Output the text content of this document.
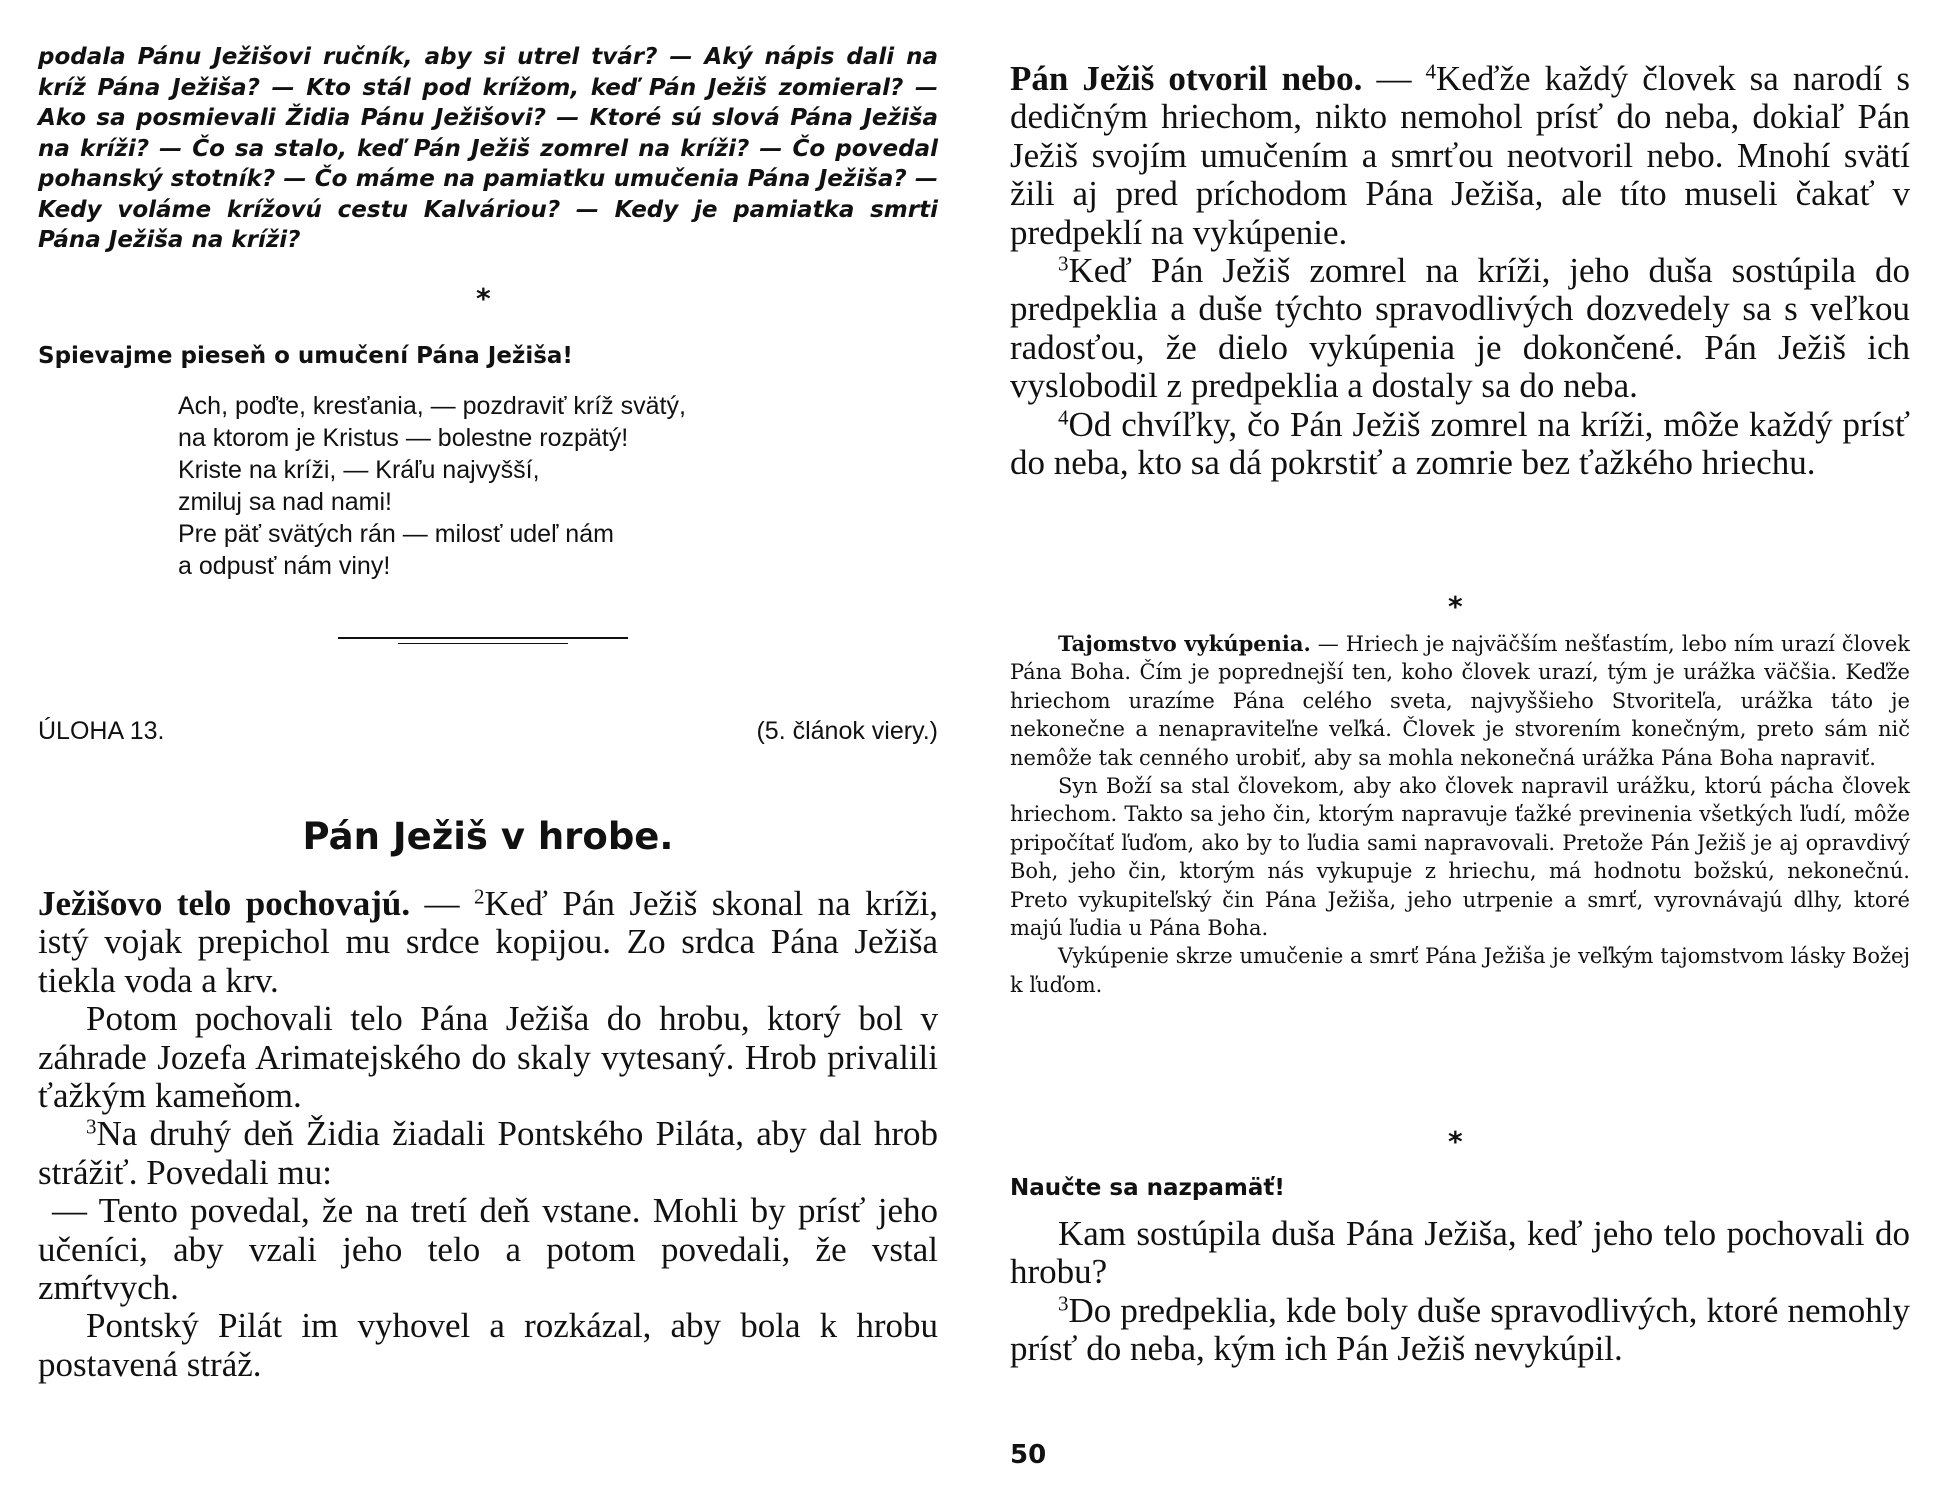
podala Pánu Ježišovi ručník, aby si utrel tvár? — Aký nápis dali na kríž Pána Ježiša? — Kto stál pod krížom, keď Pán Ježiš zomieral? — Ako sa posmievali Židia Pánu Ježišovi? — Ktoré sú slová Pána Ježiša na kríži? — Čo sa stalo, keď Pán Ježiš zomrel na kríži? — Čo povedal pohanský stotník? — Čo máme na pamiatku umučenia Pána Ježiša? — Kedy voláme krížovú cestu Kalváriou? — Kedy je pamiatka smrti Pána Ježiša na kríži?

*

Spievajme pieseň o umučení Pána Ježiša!

Ach, poďte, kresťania, — pozdraviť kríž svätý,
na ktorom je Kristus — bolestne rozpätý!
Kriste na kríži, — Kráľu najvyšší,
zmiluj sa nad nami!
Pre päť svätých rán — milosť udeľ nám
a odpusť nám viny!
ÚLOHA 13.	(5. článok viery.)
Pán Ježiš v hrobe.

Ježišovo telo pochovajú. — $^2$Keď Pán Ježiš skonal na kríži, istý vojak prepichol mu srdce kopijou. Zo srdca Pána Ježiša tiekla voda a krv.

Potom pochovali telo Pána Ježiša do hrobu, ktorý bol v záhrade Jozefa Arimatejského do skaly vytesaný. Hrob privalili ťažkým kameňom.

$^3$Na druhý deň Židia žiadali Pontského Piláta, aby dal hrob strážiť. Povedali mu:

— Tento povedal, že na tretí deň vstane. Mohli by prísť jeho učeníci, aby vzali jeho telo a potom povedali, že vstal zmŕtvych.

Pontský Pilát im vyhovel a rozkázal, aby bola k hrobu postavená stráž.

Pán Ježiš otvoril nebo. — $^4$Keďže každý človek sa narodí s dedičným hriechom, nikto nemohol prísť do neba, dokiaľ Pán Ježiš svojím umučením a smrťou neotvoril nebo. Mnohí svätí žili aj pred príchodom Pána Ježiša, ale títo museli čakať v predpeklí na vykúpenie.

$^3$Keď Pán Ježiš zomrel na kríži, jeho duša sostúpila do predpeklia a duše týchto spravodlivých dozvedely sa s veľkou radosťou, že dielo vykúpenia je dokončené. Pán Ježiš ich vyslobodil z predpeklia a dostaly sa do neba.

$^4$Od chvíľky, čo Pán Ježiš zomrel na kríži, môže každý prísť do neba, kto sa dá pokrstiť a zomrie bez ťažkého hriechu.

*

Tajomstvo vykúpenia. — Hriech je najväčším nešťastím, lebo ním urazí človek Pána Boha. Čím je poprednejší ten, koho človek urazí, tým je urážka väčšia. Keďže hriechom urazíme Pána celého sveta, najvyššieho Stvoriteľa, urážka táto je nekonečne a nenapraviteľne veľká. Človek je stvorením konečným, preto sám nič nemôže tak cenného urobiť, aby sa mohla nekonečná urážka Pána Boha napraviť.

Syn Boží sa stal človekom, aby ako človek napravil urážku, ktorú pácha človek hriechom. Takto sa jeho čin, ktorým napravuje ťažké previnenia všetkých ľudí, môže pripočítať ľuďom, ako by to ľudia sami napravovali. Pretože Pán Ježiš je aj opravdivý Boh, jeho čin, ktorým nás vykupuje z hriechu, má hodnotu božskú, nekonečnú. Preto vykupiteľský čin Pána Ježiša, jeho utrpenie a smrť, vyrovnávajú dlhy, ktoré majú ľudia u Pána Boha.

Vykúpenie skrze umučenie a smrť Pána Ježiša je veľkým tajomstvom lásky Božej k ľuďom.

*

Naučte sa nazpamäť!

Kam sostúpila duša Pána Ježiša, keď jeho telo pochovali do hrobu?

$^3$Do predpeklia, kde boly duše spravodlivých, ktoré nemohly prísť do neba, kým ich Pán Ježiš nevykúpil.

50
